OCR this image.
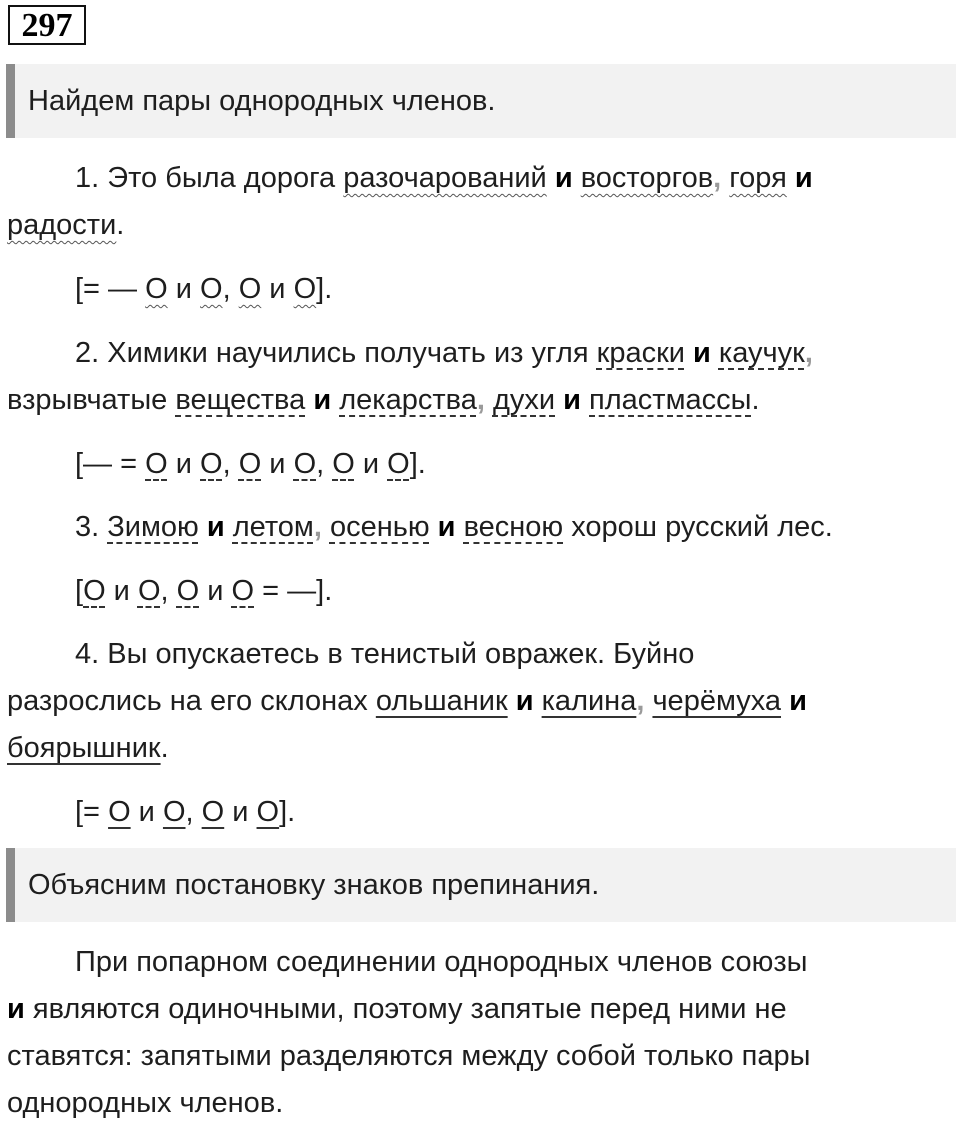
297
Найдем пары однородных членов.
1. Это была дорога разочарований и восторгов, горя и
радости.
[= — О и О, О и О].
2. Химики научились получать из угля краски и каучук,
взрывчатые вещества и лекарства, духи и пластмассы.
[— = О и О, О и О, О и О].
3. Зимою и летом, осенью и весною хорош русский лес.
[О и О, О и О = —].
4. Вы опускаетесь в тенистый овражек. Буйно
разрослись на его склонах ольшаник и калина, черёмуха и
боярышник.
[= О и О, О и О].
Объясним постановку знаков препинания.
При попарном соединении однородных членов союзы
и являются одиночными, поэтому запятые перед ними не
ставятся: запятыми разделяются между собой только пары
однородных членов.
